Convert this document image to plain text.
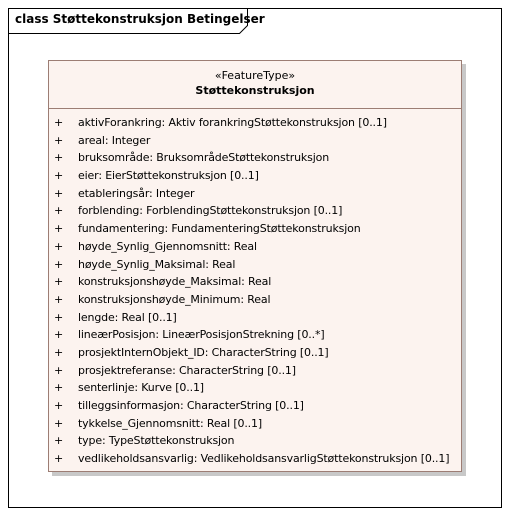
class Støttekonstruksjon Betingelser
«FeatureType»
Støttekonstruksjon
+ aktivForankring: Aktiv forankringStøttekonstruksjon [0..1]
+ areal: Integer
+ bruksområde: BruksområdeStøttekonstruksjon
+ eier: EierStøttekonstruksjon [0..1]
+ etableringsår: Integer
+ forblending: ForblendingStøttekonstruksjon [0..1]
+ fundamentering: FundamenteringStøttekonstruksjon
+ høyde_Synlig_Gjennomsnitt: Real
+ høyde_Synlig_Maksimal: Real
+ konstruksjonshøyde_Maksimal: Real
+ konstruksjonshøyde_Minimum: Real
+ lengde: Real [0..1]
+ lineærPosisjon: LineærPosisjonStrekning [0..*]
+ prosjektInternObjekt_ID: CharacterString [0..1]
+ prosjektreferanse: CharacterString [0..1]
+ senterlinje: Kurve [0..1]
+ tilleggsinformasjon: CharacterString [0..1]
+ tykkelse_Gjennomsnitt: Real [0..1]
+ type: TypeStøttekonstruksjon
+ vedlikeholdsansvarlig: VedlikeholdsansvarligStøttekonstruksjon [0..1]
